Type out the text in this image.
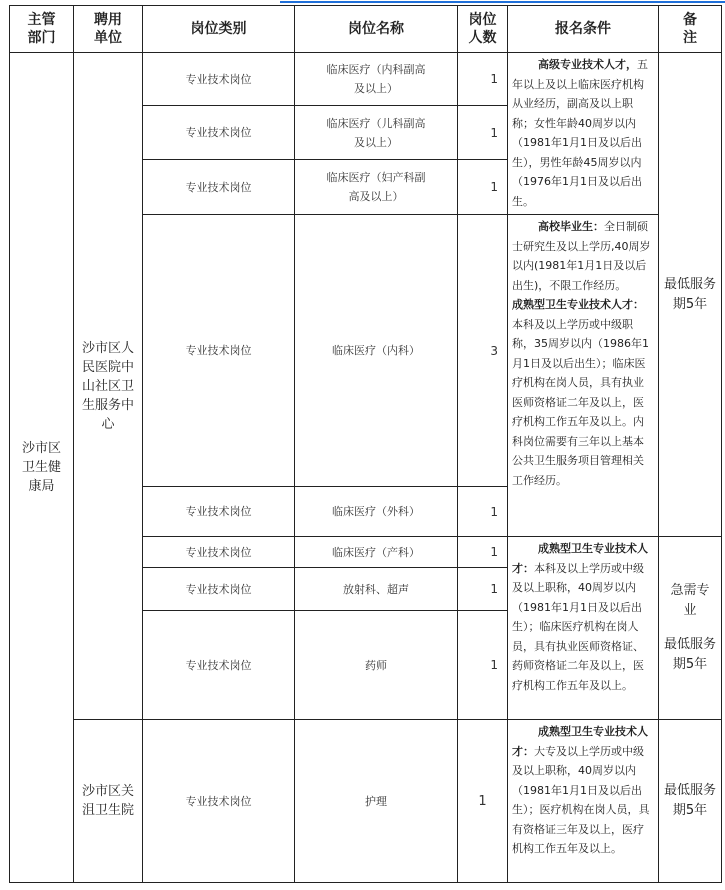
主管部门	聘用单位	岗位类别	岗位名称	岗位人数	报名条件	备注

沙市区卫生健康局	沙市区人民医院中山社区卫生服务中心	专业技术岗位	临床医疗（内科副高及以上）	1	高级专业技术人才，五年以上及以上临床医疗机构从业经历，副高及以上职称；女性年龄40周岁以内（1981年1月1日及以后出生），男性年龄45周岁以内（1976年1月1日及以后出生。	最低服务期5年

		专业技术岗位	临床医疗（儿科副高及以上）	1		
		专业技术岗位	临床医疗（妇产科副高及以上）	1		
		专业技术岗位	临床医疗（内科）	3	高校毕业生：全日制硕士研究生及以上学历,40周岁以内(1981年1月1日及以后出生)，不限工作经历。

成熟型卫生专业技术人才：本科及以上学历或中级职称，35周岁以内（1986年1月1日及以后出生）；临床医疗机构在岗人员，具有执业医师资格证二年及以上，医疗机构工作五年及以上。内科岗位需要有三年以上基本公共卫生服务项目管理相关工作经历。	

		专业技术岗位	临床医疗（外科）	1		
		专业技术岗位	临床医疗（产科）	1	成熟型卫生专业技术人才：本科及以上学历或中级及以上职称，40周岁以内（1981年1月1日及以后出生）；临床医疗机构在岗人员，具有执业医师资格证、药师资格证二年及以上，医疗机构工作五年及以上。	急需专业
最低服务期5年

		专业技术岗位	放射科、超声	1		
		专业技术岗位	药师	1		

	沙市区关沮卫生院	专业技术岗位	护理	1	成熟型卫生专业技术人才：大专及以上学历或中级及以上职称，40周岁以内（1981年1月1日及以后出生）；医疗机构在岗人员，具有资格证三年及以上，医疗机构工作五年及以上。	最低服务期5年
